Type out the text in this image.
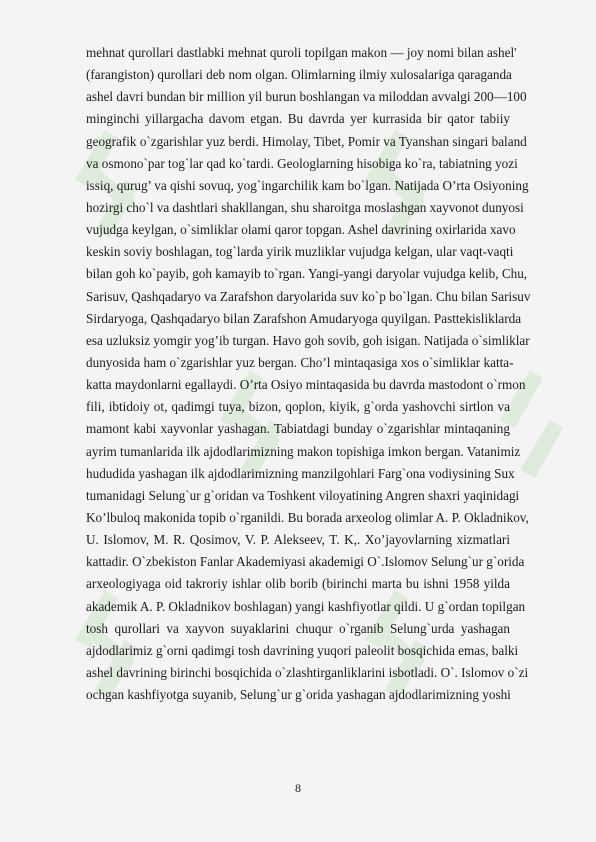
mehnat qurollari dastlabki mehnat quroli topilgan makon — joy nomi bilan ashel'
(farangiston) qurollari deb nom olgan. Olimlarning ilmiy xulosalariga qaraganda
ashel davri bundan bir million yil burun boshlangan va miloddan avvalgi 200—100
minginchi yillargacha davom etgan. Bu davrda yer kurrasida bir qator tabiiy
geografik o`zgarishlar yuz berdi. Himolay, Tibet, Pomir va Tyanshan singari baland
va osmono`par tog`lar qad ko`tardi. Geologlarning hisobiga ko`ra, tabiatning yozi
issiq, qurug’ va qishi sovuq, yog`ingarchilik kam bo`lgan. Natijada O’rta Osiyoning
hozirgi cho`l va dashtlari shakllangan, shu sharoitga moslashgan xayvonot dunyosi
vujudga keylgan, o`simliklar olami qaror topgan. Ashel davrining oxirlarida xavo
keskin soviy boshlagan, tog`larda yirik muzliklar vujudga kelgan, ular vaqt-vaqti
bilan goh ko`payib, goh kamayib to`rgan. Yangi-yangi daryolar vujudga kelib, Chu,
Sarisuv, Qashqadaryo va Zarafshon daryolarida suv ko`p bo`lgan. Chu bilan Sarisuv
Sirdaryoga, Qashqadaryo bilan Zarafshon Amudaryoga quyilgan. Pasttekisliklarda
esa uzluksiz yomgir yog’ib turgan. Havo goh sovib, goh isigan. Natijada o`simliklar
dunyosida ham o`zgarishlar yuz bergan. Cho’l mintaqasiga xos o`simliklar katta-
katta maydonlarni egallaydi. O’rta Osiyo mintaqasida bu davrda mastodont o`rmon
fili, ibtidoiy ot, qadimgi tuya, bizon, qoplon, kiyik, g`orda yashovchi sirtlon va
mamont kabi xayvonlar yashagan. Tabiatdagi bunday o`zgarishlar mintaqaning
ayrim tumanlarida ilk ajdodlarimizning makon topishiga imkon bergan. Vatanimiz
hududida yashagan ilk ajdodlarimizning manzilgohlari Farg`ona vodiysining Sux
tumanidagi Selung`ur g`oridan va Toshkent viloyatining Angren shaxri yaqinidagi
Ko’lbuloq makonida topib o`rganildi. Bu borada arxeolog olimlar A. P. Okladnikov,
U. Islomov, M. R. Qosimov, V. P. Alekseev, T. K,. Xo’jayovlarning xizmatlari
kattadir. O`zbekiston Fanlar Akademiyasi akademigi O`.Islomov Selung`ur g`orida
arxeologiyaga oid takroriy ishlar olib borib (birinchi marta bu ishni 1958 yilda
akademik A. P. Okladnikov boshlagan) yangi kashfiyotlar qildi. U g`ordan topilgan
tosh qurollari va xayvon suyaklarini chuqur o`rganib Selung`urda yashagan
ajdodlarimiz g`orni qadimgi tosh davrining yuqori paleolit bosqichida emas, balki
ashel davrining birinchi bosqichida o`zlashtirganliklarini isbotladi. O`. Islomov o`zi
ochgan kashfiyotga suyanib, Selung`ur g`orida yashagan ajdodlarimizning yoshi
8
